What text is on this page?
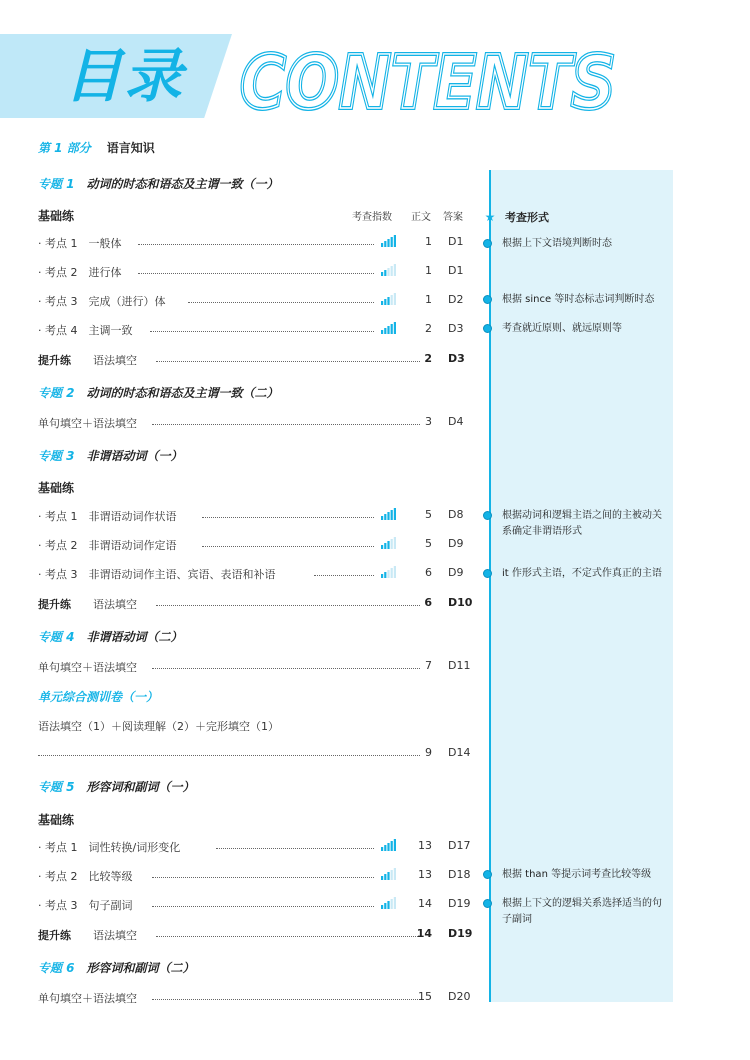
目录 CONTENTS
CONTENTS
★ 考查形式
根据上下文语境判断时态
根据 since 等时态标志词判断时态
考查就近原则、就远原则等
根据动词和逻辑主语之间的主被动关系确定非谓语形式
it 作形式主语，不定式作真正的主语
根据 than 等提示词考查比较等级
根据上下文的逻辑关系选择适当的句子副词
第 1 部分 语言知识
专题 1 动词的时态和语态及主谓一致（一）
基础练	考查指数 正文 答案
· 考点 1　一般体	1 D1
· 考点 2　进行体	1 D1
· 考点 3　完成（进行）体	1 D2
· 考点 4　主调一致	2 D3
提升练 语法填空	2 D3
专题 2 动词的时态和语态及主谓一致（二）
单句填空＋语法填空	3 D4
专题 3 非谓语动词（一）
基础练
· 考点 1　非谓语动词作状语	5 D8
· 考点 2　非谓语动词作定语	5 D9
· 考点 3　非谓语动词作主语、宾语、表语和补语	6 D9
提升练 语法填空	6 D10
专题 4 非谓语动词（二）
单句填空＋语法填空	7 D11
单元综合测训卷（一）
语法填空（1）＋阅读理解（2）＋完形填空（1）
9 D14
专题 5 形容词和副词（一）
基础练
· 考点 1　词性转换/词形变化	13 D17
· 考点 2　比较等级	13 D18
· 考点 3　句子副词	14 D19
提升练 语法填空	14 D19
专题 6 形容词和副词（二）
单句填空＋语法填空	15 D20
